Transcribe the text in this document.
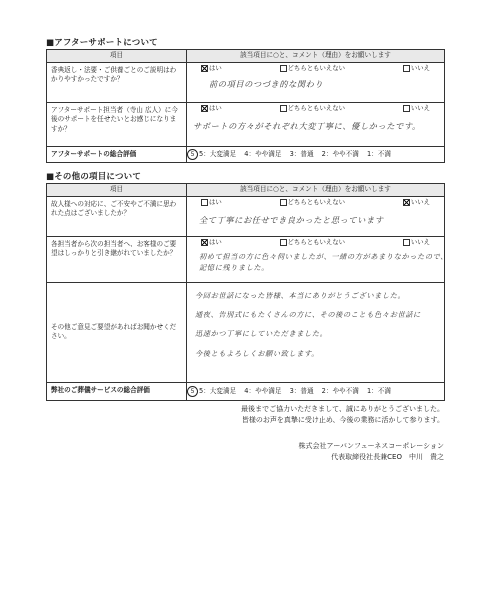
■アフターサポートについて
項目	該当項目に○と、コメント（理由）をお願いします
香典返し・法要・ご供養ごとのご説明はわかりやすかったですか？	はい どちらともいえない いいえ
前の項目のつづき的な関わり

アフターサポート担当者（寺山 広人）に今後のサポートを任せたいとお感じになりますか？	はい どちらともいえない いいえ
サポートの方々がそれぞれ大変丁寧に、優しかったです。

アフターサポートの総合評価	5 5：大変満足 4：やや満足 3：普通 2：やや不満 1：不満
■その他の項目について
項目	該当項目に○と、コメント（理由）をお願いします
故人様への対応に、ご不安やご不満に思われた点はございましたか？	はい どちらともいえない いいえ
全て丁寧にお任せでき良かったと思っています

各担当者から次の担当者へ、お客様のご要望はしっかりと引き継がれていましたか？	はい どちらともいえない いいえ
初めて担当の方に色々伺いましたが、一緒の方があまりなかったので、
記憶に残りました。

その他ご意見ご要望があればお聞かせください。	今回お世話になった皆様、本当にありがとうございました。
通夜、告別式にもたくさんの方に、その後のことも色々お世話に
迅速かつ丁寧にしていただきました。
今後ともよろしくお願い致します。

弊社のご葬儀サービスの総合評価	5 5：大変満足 4：やや満足 3：普通 2：やや不満 1：不満
最後までご協力いただきまして、誠にありがとうございました。
皆様のお声を真摯に受け止め、今後の業務に活かして参ります。
株式会社アーバンフューネスコーポレーション
代表取締役社長兼CEO　中川　貴之
